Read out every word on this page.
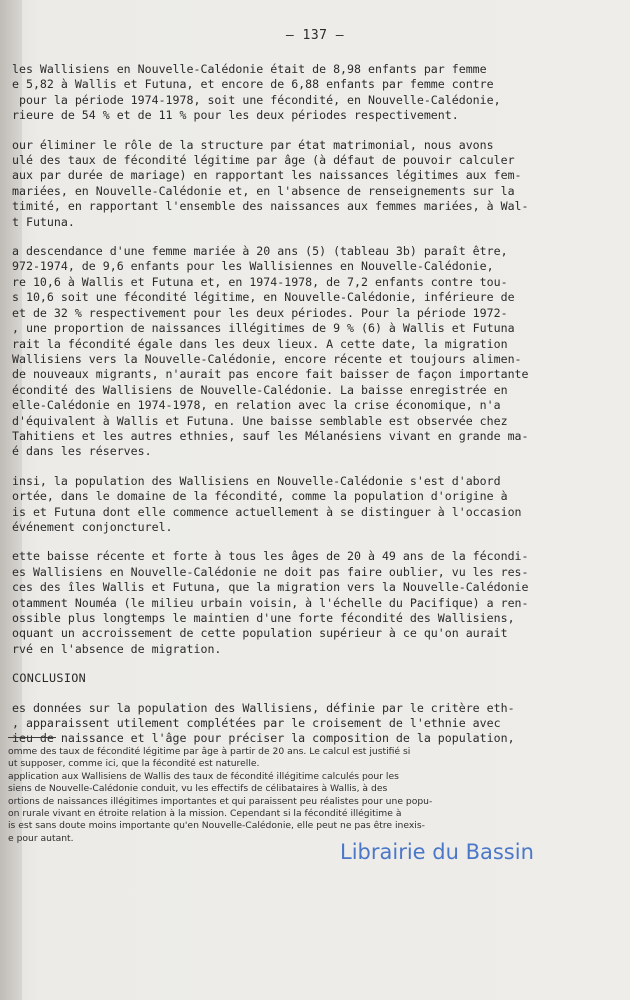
— 137 —
les Wallisiens en Nouvelle-Calédonie était de 8,98 enfants par femme
e 5,82 à Wallis et Futuna, et encore de 6,88 enfants par femme contre
pour la période 1974-1978, soit une fécondité, en Nouvelle-Calédonie,
rieure de 54 % et de 11 % pour les deux périodes respectivement.
our éliminer le rôle de la structure par état matrimonial, nous avons
ulé des taux de fécondité légitime par âge (à défaut de pouvoir calculer
aux par durée de mariage) en rapportant les naissances légitimes aux fem-
mariées, en Nouvelle-Calédonie et, en l'absence de renseignements sur la
timité, en rapportant l'ensemble des naissances aux femmes mariées, à Wal-
t Futuna.
a descendance d'une femme mariée à 20 ans (5) (tableau 3b) paraît être,
972-1974, de 9,6 enfants pour les Wallisiennes en Nouvelle-Calédonie,
re 10,6 à Wallis et Futuna et, en 1974-1978, de 7,2 enfants contre tou-
s 10,6 soit une fécondité légitime, en Nouvelle-Calédonie, inférieure de
et de 32 % respectivement pour les deux périodes. Pour la période 1972-
, une proportion de naissances illégitimes de 9 % (6) à Wallis et Futuna
rait la fécondité égale dans les deux lieux. A cette date, la migration
Wallisiens vers la Nouvelle-Calédonie, encore récente et toujours alimen-
de nouveaux migrants, n'aurait pas encore fait baisser de façon importante
écondité des Wallisiens de Nouvelle-Calédonie. La baisse enregistrée en
elle-Calédonie en 1974-1978, en relation avec la crise économique, n'a
d'équivalent à Wallis et Futuna. Une baisse semblable est observée chez
Tahitiens et les autres ethnies, sauf les Mélanésiens vivant en grande ma-
é dans les réserves.
insi, la population des Wallisiens en Nouvelle-Calédonie s'est d'abord
ortée, dans le domaine de la fécondité, comme la population d'origine à
is et Futuna dont elle commence actuellement à se distinguer à l'occasion
événement conjoncturel.
ette baisse récente et forte à tous les âges de 20 à 49 ans de la fécondi-
es Wallisiens en Nouvelle-Calédonie ne doit pas faire oublier, vu les res-
ces des îles Wallis et Futuna, que la migration vers la Nouvelle-Calédonie
otamment Nouméa (le milieu urbain voisin, à l'échelle du Pacifique) a ren-
ossible plus longtemps le maintien d'une forte fécondité des Wallisiens,
oquant un accroissement de cette population supérieur à ce qu'on aurait
rvé en l'absence de migration.
CONCLUSION
es données sur la population des Wallisiens, définie par le critère eth-
, apparaissent utilement complétées par le croisement de l'ethnie avec
ieu de naissance et l'âge pour préciser la composition de la population,
omme des taux de fécondité légitime par âge à partir de 20 ans. Le calcul est justifié si
ut supposer, comme ici, que la fécondité est naturelle.
application aux Wallisiens de Wallis des taux de fécondité illégitime calculés pour les
siens de Nouvelle-Calédonie conduit, vu les effectifs de célibataires à Wallis, à des
ortions de naissances illégitimes importantes et qui paraissent peu réalistes pour une popu-
on rurale vivant en étroite relation à la mission. Cependant si la fécondité illégitime à
is est sans doute moins importante qu'en Nouvelle-Calédonie, elle peut ne pas être inexis-
e pour autant.
Librairie du Bassin
